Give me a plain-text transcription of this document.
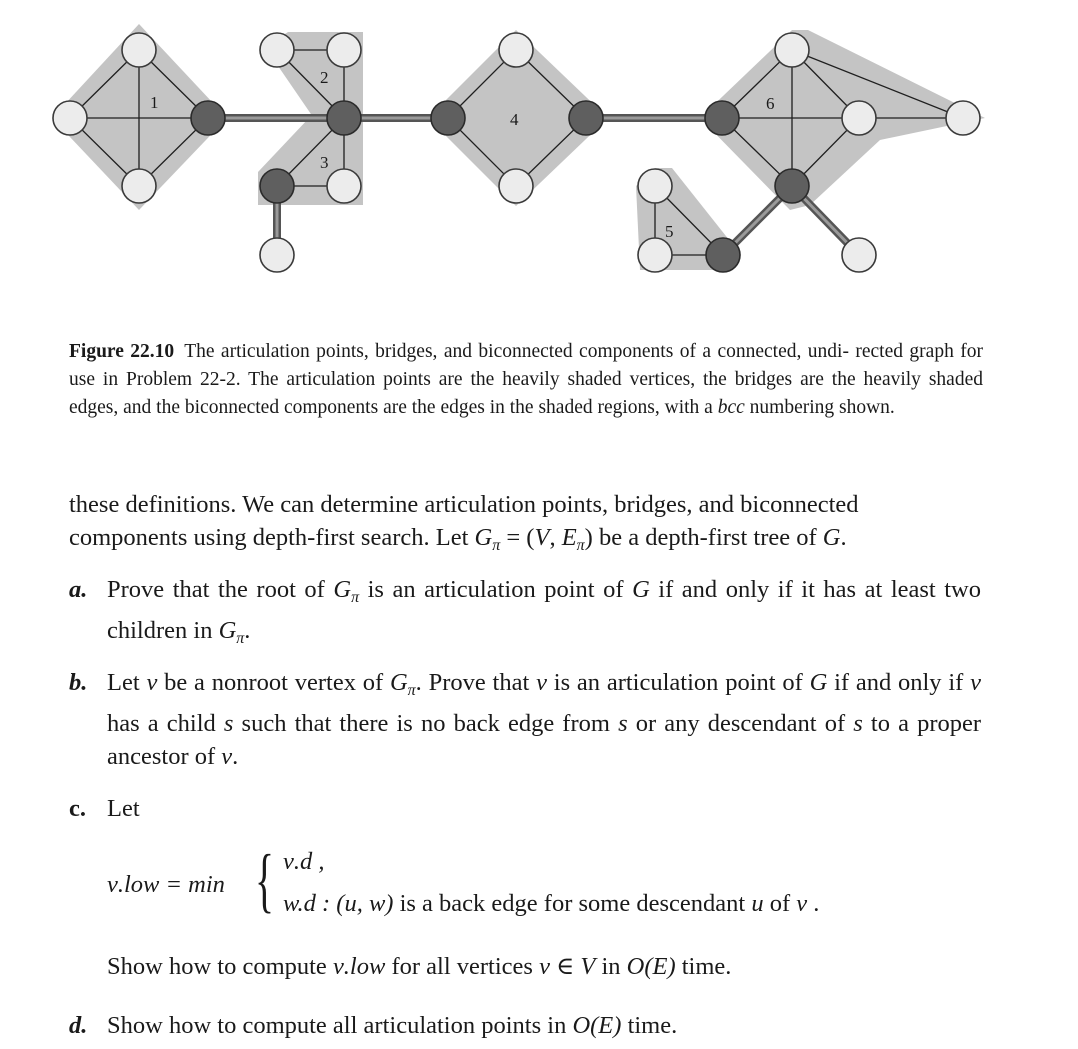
1
2
3
4
5
6

Figure 22.10 The articulation points, bridges, and biconnected components of a connected, undi- rected graph for use in Problem 22-2. The articulation points are the heavily shaded vertices, the bridges are the heavily shaded edges, and the biconnected components are the edges in the shaded regions, with a bcc numbering shown.

these definitions. We can determine articulation points, bridges, and biconnected components using depth-first search. Let $G_\pi = (V$, $E_\pi$) be a depth-first tree of G.

a. Prove that the root of $G_\pi$ is an articulation point of G if and only if it has at least two children in $G_\pi$.
b. Let ν be a nonroot vertex of $G_\pi$. Prove that ν is an articulation point of G if and only if ν has a child s such that there is no back edge from s or any descendant of s to a proper ancestor of ν.
c. Let
ν.low = min { ν.d ,
w.d : (u, w) is a back edge for some descendant u of ν .

Show how to compute ν.low for all vertices ν ∈ V in O(E) time.

d. Show how to compute all articulation points in O(E) time.
